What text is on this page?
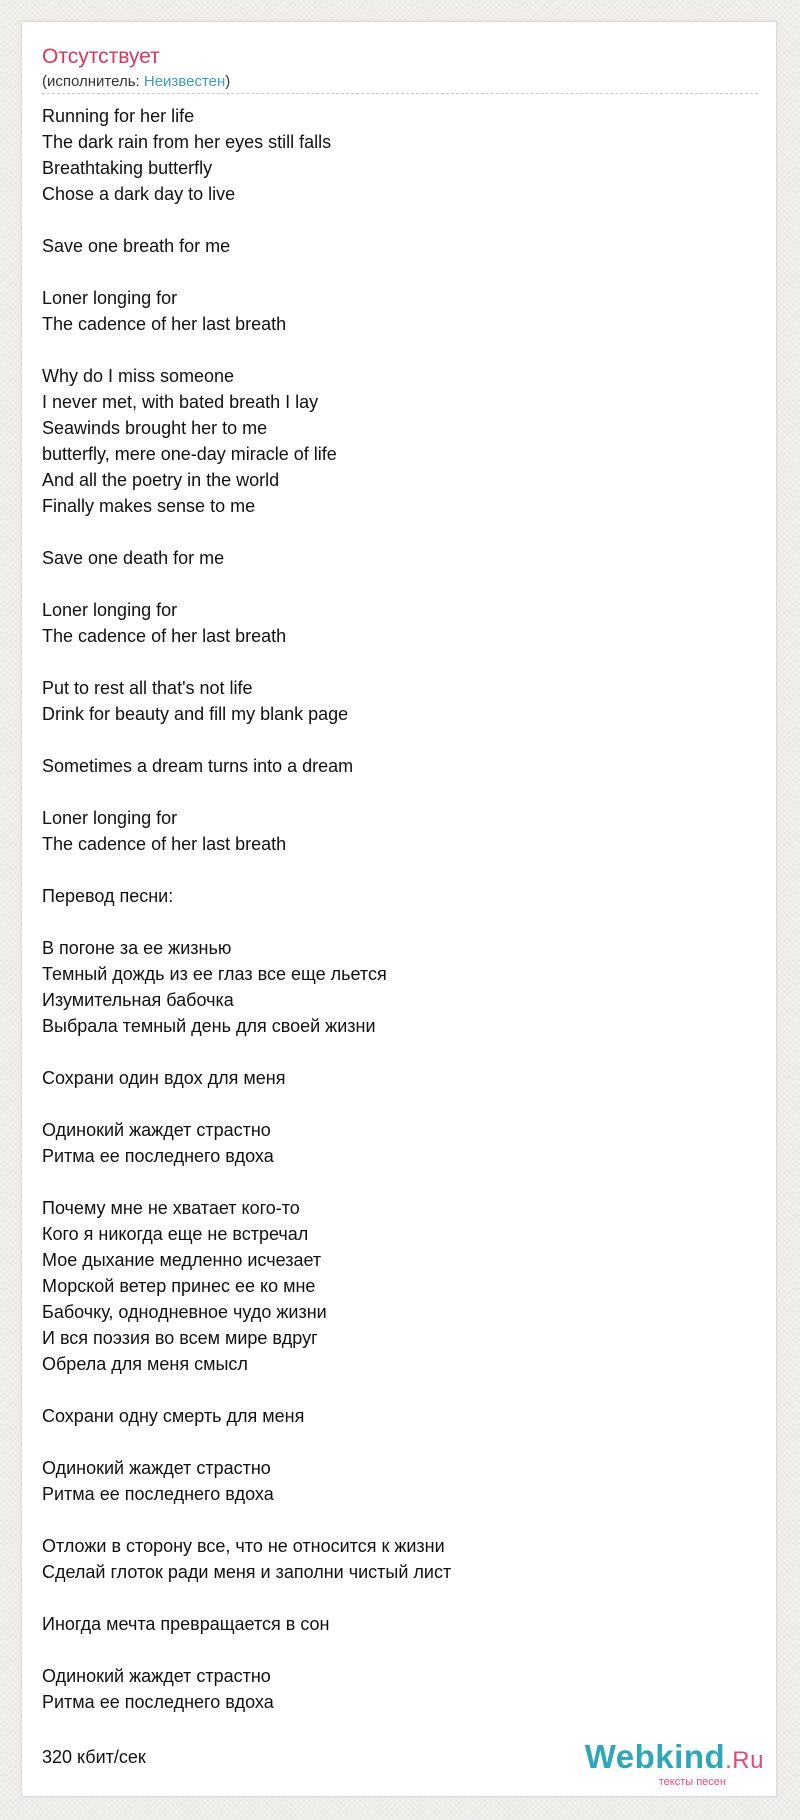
Отсутствует
(исполнитель: Неизвестен)
Running for her life
The dark rain from her eyes still falls
Breathtaking butterfly
Chose a dark day to live
Save one breath for me
Loner longing for
The cadence of her last breath
Why do I miss someone
I never met, with bated breath I lay
Seawinds brought her to me
butterfly, mere one-day miracle of life
And all the poetry in the world
Finally makes sense to me
Save one death for me
Loner longing for
The cadence of her last breath
Put to rest all that's not life
Drink for beauty and fill my blank page
Sometimes a dream turns into a dream
Loner longing for
The cadence of her last breath
Перевод песни:
В погоне за ее жизнью
Темный дождь из ее глаз все еще льется
Изумительная бабочка
Выбрала темный день для своей жизни
Сохрани один вдох для меня
Одинокий жаждет страстно
Ритма ее последнего вдоха
Почему мне не хватает кого-то
Кого я никогда еще не встречал
Мое дыхание медленно исчезает
Морской ветер принес ее ко мне
Бабочку, однодневное чудо жизни
И вся поэзия во всем мире вдруг
Обрела для меня смысл
Сохрани одну смерть для меня
Одинокий жаждет страстно
Ритма ее последнего вдоха
Отложи в сторону все, что не относится к жизни
Сделай глоток ради меня и заполни чистый лист
Иногда мечта превращается в сон
Одинокий жаждет страстно
Ритма ее последнего вдоха
320 кбит/сек	Webkind.Ru
тексты песен
